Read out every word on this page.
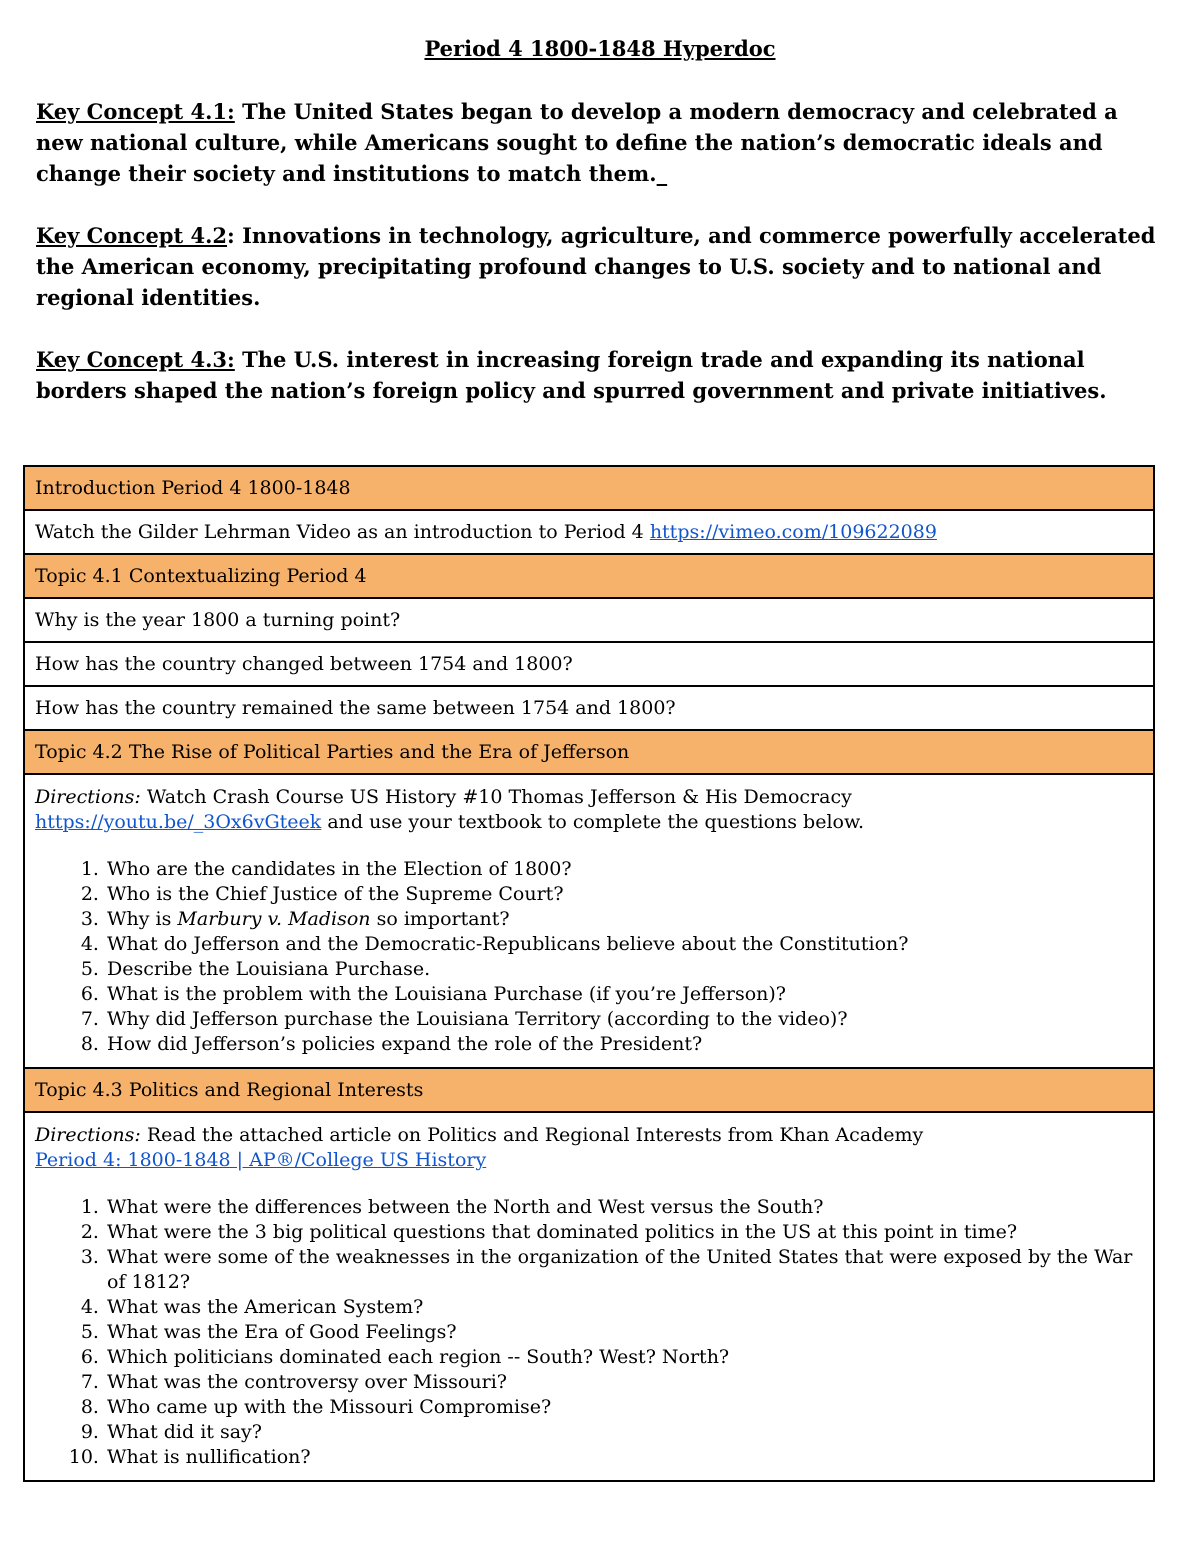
Period 4 1800-1848 Hyperdoc

Key Concept 4.1: The United States began to develop a modern democracy and celebrated a new national culture, while Americans sought to define the nation’s democratic ideals and change their society and institutions to match them._

Key Concept 4.2: Innovations in technology, agriculture, and commerce powerfully accelerated the American economy, precipitating profound changes to U.S. society and to national and regional identities.

Key Concept 4.3: The U.S. interest in increasing foreign trade and expanding its national borders shaped the nation’s foreign policy and spurred government and private initiatives.

Introduction Period 4 1800-1848
Watch the Gilder Lehrman Video as an introduction to Period 4 https://vimeo.com/109622089
Topic 4.1 Contextualizing Period 4
Why is the year 1800 a turning point?
How has the country changed between 1754 and 1800?
How has the country remained the same between 1754 and 1800?
Topic 4.2 The Rise of Political Parties and the Era of Jefferson

Directions: Watch Crash Course US History #10 Thomas Jefferson & His Democracy
https://youtu.be/_3Ox6vGteek and use your textbook to complete the questions below.
1. Who are the candidates in the Election of 1800?
2. Who is the Chief Justice of the Supreme Court?
3. Why is Marbury v. Madison so important?
4. What do Jefferson and the Democratic-Republicans believe about the Constitution?
5. Describe the Louisiana Purchase.
6. What is the problem with the Louisiana Purchase (if you’re Jefferson)?
7. Why did Jefferson purchase the Louisiana Territory (according to the video)?
8. How did Jefferson’s policies expand the role of the President?

Topic 4.3 Politics and Regional Interests

Directions: Read the attached article on Politics and Regional Interests from Khan Academy
Period 4: 1800-1848 | AP®/College US History
1. What were the differences between the North and West versus the South?
2. What were the 3 big political questions that dominated politics in the US at this point in time?
3. What were some of the weaknesses in the organization of the United States that were exposed by the War of 1812?
4. What was the American System?
5. What was the Era of Good Feelings?
6. Which politicians dominated each region -- South? West? North?
7. What was the controversy over Missouri?
8. Who came up with the Missouri Compromise?
9. What did it say?
10. What is nullification?
